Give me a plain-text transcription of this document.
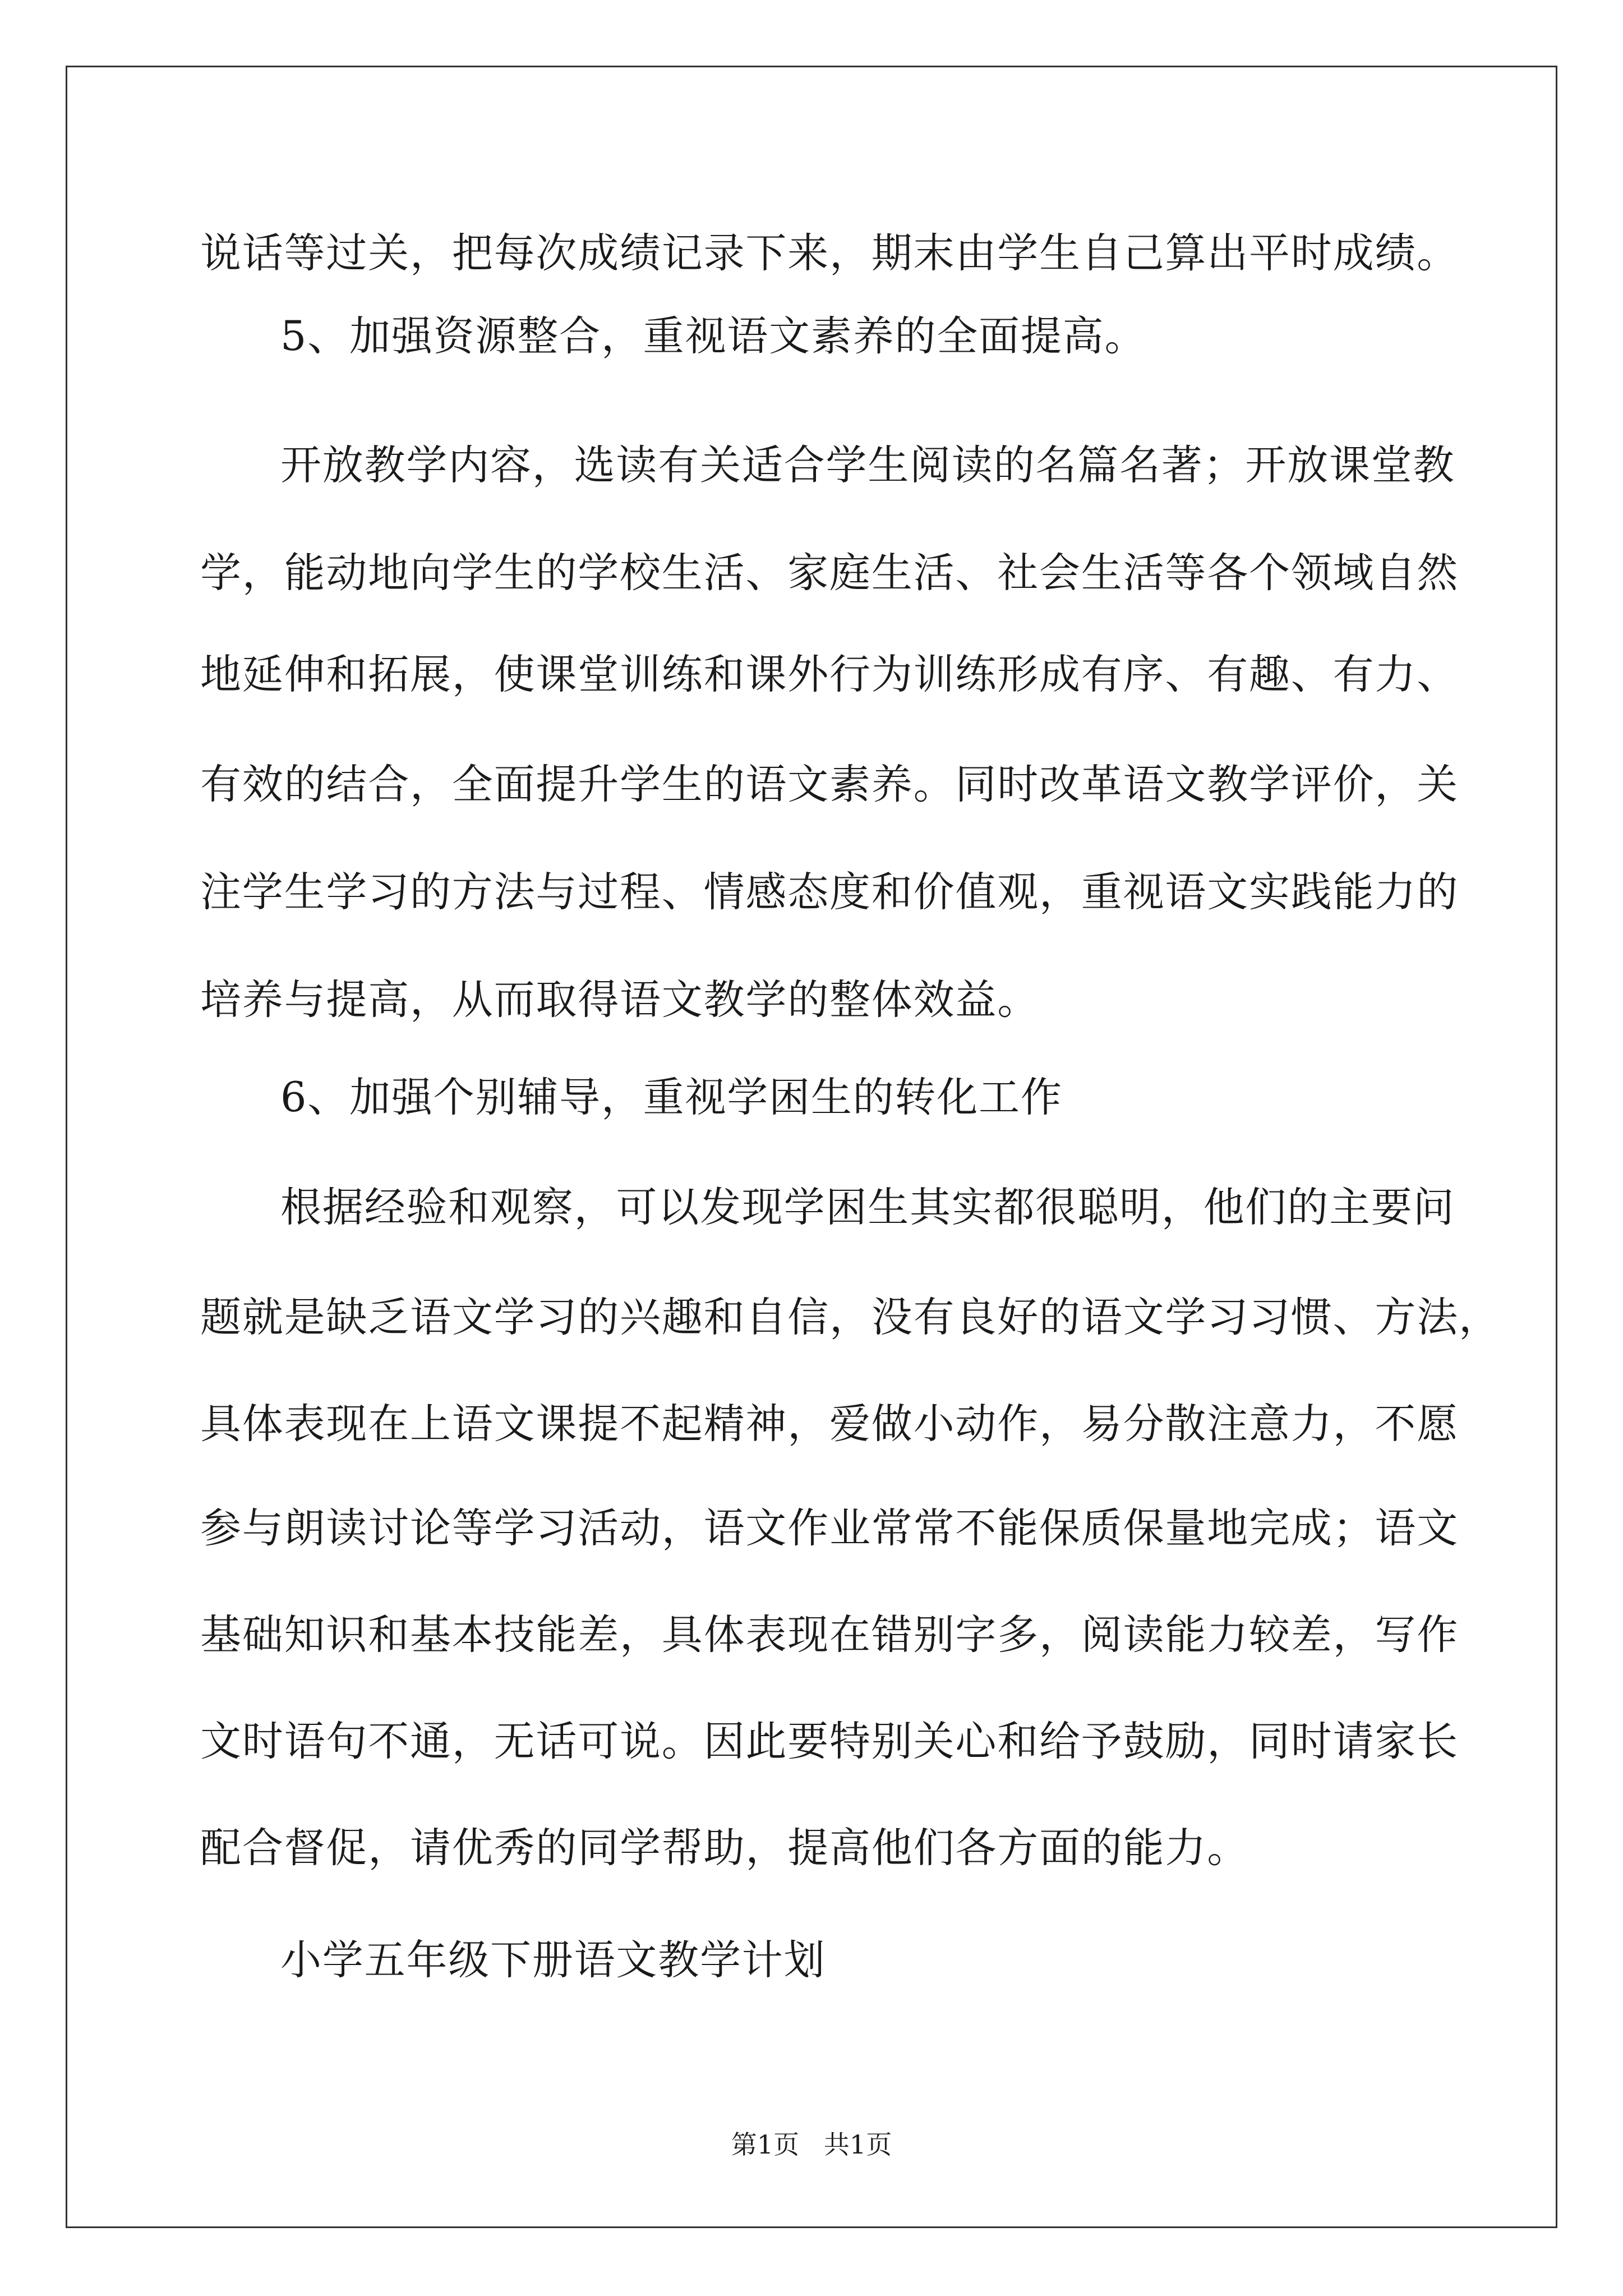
说话等过关，把每次成绩记录下来，期末由学生自己算出平时成绩。
5、加强资源整合，重视语文素养的全面提高。
开放教学内容，选读有关适合学生阅读的名篇名著；开放课堂教
学，能动地向学生的学校生活、家庭生活、社会生活等各个领域自然
地延伸和拓展，使课堂训练和课外行为训练形成有序、有趣、有力、
有效的结合，全面提升学生的语文素养。同时改革语文教学评价，关
注学生学习的方法与过程、情感态度和价值观，重视语文实践能力的
培养与提高，从而取得语文教学的整体效益。
6、加强个别辅导，重视学困生的转化工作
根据经验和观察，可以发现学困生其实都很聪明，他们的主要问
题就是缺乏语文学习的兴趣和自信，没有良好的语文学习习惯、方法，
具体表现在上语文课提不起精神，爱做小动作，易分散注意力，不愿
参与朗读讨论等学习活动，语文作业常常不能保质保量地完成；语文
基础知识和基本技能差，具体表现在错别字多，阅读能力较差，写作
文时语句不通，无话可说。因此要特别关心和给予鼓励，同时请家长
配合督促，请优秀的同学帮助，提高他们各方面的能力。
小学五年级下册语文教学计划
第1页   共1页
